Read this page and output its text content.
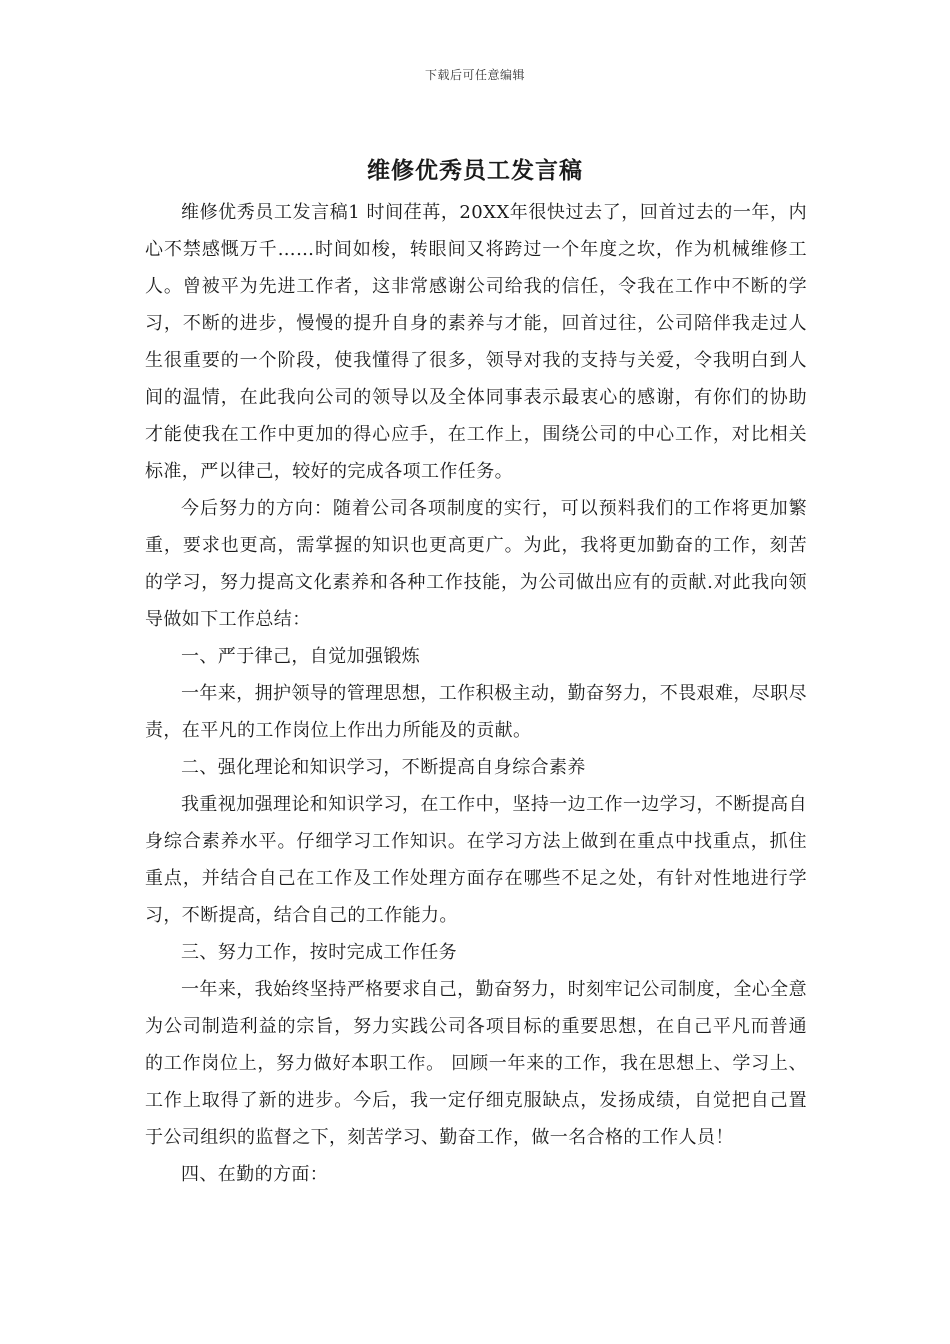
下载后可任意编辑
维修优秀员工发言稿

维修优秀员工发言稿1 时间荏苒，20XX年很快过去了，回首过去的一年，内心不禁感慨万千……时间如梭，转眼间又将跨过一个年度之坎，作为机械维修工人。曾被平为先进工作者，这非常感谢公司给我的信任，令我在工作中不断的学习，不断的进步，慢慢的提升自身的素养与才能，回首过往，公司陪伴我走过人生很重要的一个阶段，使我懂得了很多，领导对我的支持与关爱，令我明白到人间的温情，在此我向公司的领导以及全体同事表示最衷心的感谢，有你们的协助才能使我在工作中更加的得心应手，在工作上，围绕公司的中心工作，对比相关标准，严以律己，较好的完成各项工作任务。

今后努力的方向：随着公司各项制度的实行，可以预料我们的工作将更加繁重，要求也更高，需掌握的知识也更高更广。为此，我将更加勤奋的工作，刻苦的学习，努力提高文化素养和各种工作技能，为公司做出应有的贡献.对此我向领导做如下工作总结：

一、严于律己，自觉加强锻炼

一年来，拥护领导的管理思想，工作积极主动，勤奋努力，不畏艰难，尽职尽责，在平凡的工作岗位上作出力所能及的贡献。

二、强化理论和知识学习，不断提高自身综合素养

我重视加强理论和知识学习，在工作中，坚持一边工作一边学习，不断提高自身综合素养水平。仔细学习工作知识。在学习方法上做到在重点中找重点，抓住重点，并结合自己在工作及工作处理方面存在哪些不足之处，有针对性地进行学习，不断提高，结合自己的工作能力。

三、努力工作，按时完成工作任务

一年来，我始终坚持严格要求自己，勤奋努力，时刻牢记公司制度，全心全意为公司制造利益的宗旨，努力实践公司各项目标的重要思想，在自己平凡而普通的工作岗位上，努力做好本职工作。 回顾一年来的工作，我在思想上、学习上、工作上取得了新的进步。今后，我一定仔细克服缺点，发扬成绩，自觉把自己置于公司组织的监督之下，刻苦学习、勤奋工作，做一名合格的工作人员！

四、在勤的方面：
